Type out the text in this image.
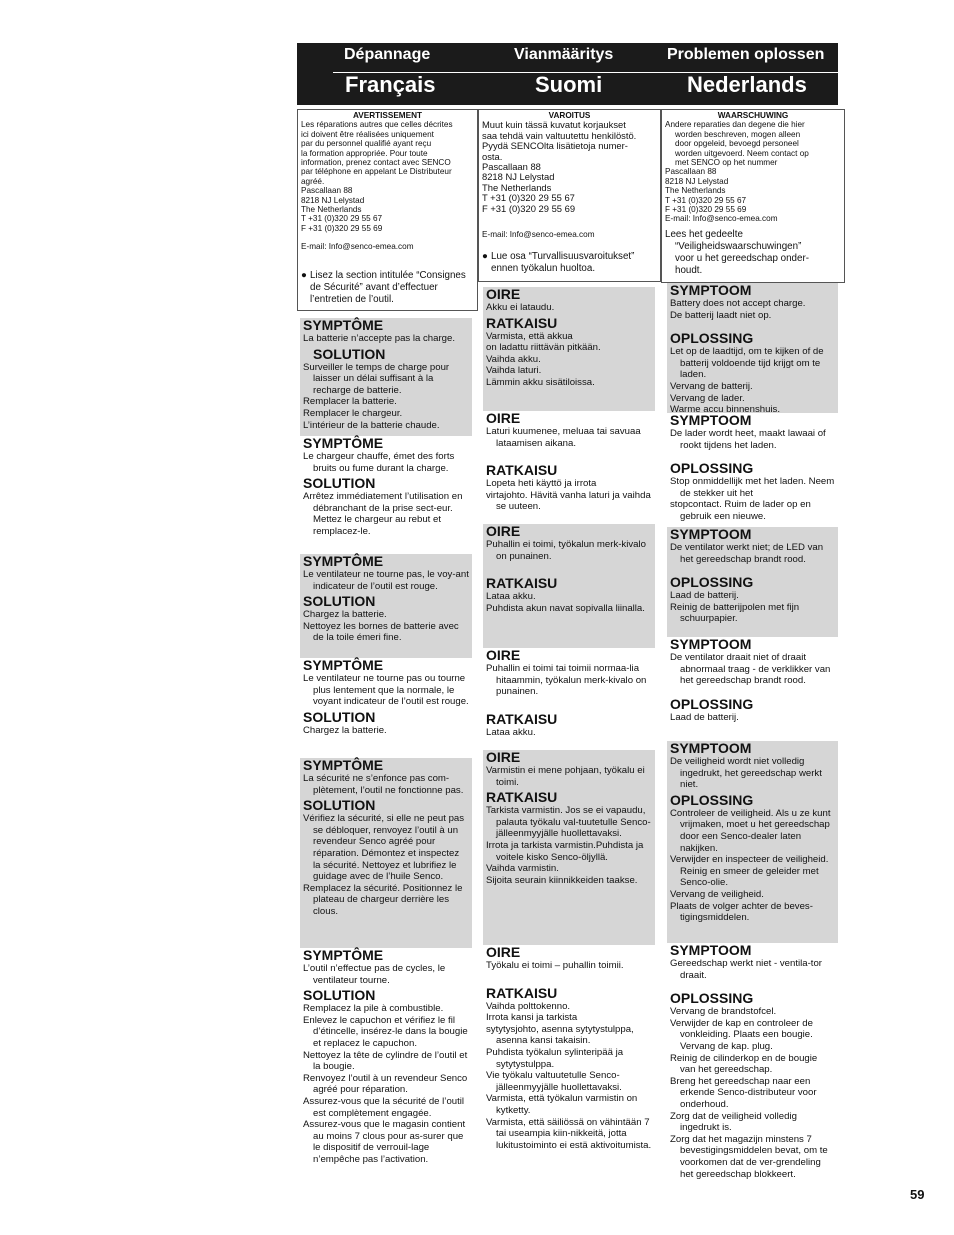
Dépannage	Vianmääritys	Problemen oplossen
Français	Suomi	Nederlands
AVERTISSEMENT
Les réparations autres que celles décrites
ici doivent être réalisées uniquement
par du personnel qualifié ayant reçu
la formation appropriée. Pour toute
information, prenez contact avec SENCO
par téléphone en appelant Le Distributeur
agréé.
Pascallaan 88
8218 NJ Lelystad
The Netherlands
T +31 (0)320 29 55 67
F +31 (0)320 29 55 69
E-mail: Info@senco-emea.com
● Lisez la section intitulée “Consignes de Sécurité” avant d’effectuer l’entretien de l’outil.
VAROITUS
Muut kuin tässä kuvatut korjaukset
saa tehdä vain valtuutettu henkilöstö.
Pyydä SENCOlta lisätietoja numer-
osta.
Pascallaan 88
8218 NJ Lelystad
The Netherlands
T +31 (0)320 29 55 67
F +31 (0)320 29 55 69
E-mail: Info@senco-emea.com
● Lue osa “Turvallisuusvaroitukset” ennen työkalun huoltoa.
WAARSCHUWING
Andere reparaties dan degene die hier
worden beschreven, mogen alleen
door opgeleid, bevoegd personeel
worden uitgevoerd. Neem contact op
met SENCO op het nummer
Pascallaan 88
8218 NJ Lelystad
The Netherlands
T +31 (0)320 29 55 67
F +31 (0)320 29 55 69
E-mail: Info@senco-emea.com
Lees het gedeelte
“Veiligheidswaarschuwingen”
voor u het gereedschap onder-
houdt.
SYMPTÔME
La batterie n’accepte pas la charge.
SOLUTION
Surveiller le temps de charge pour laisser un délai suffisant à la recharge de batterie.
Remplacer la batterie.
Remplacer le chargeur.
L’intérieur de la batterie chaude.
SYMPTÔME
Le chargeur chauffe, émet des forts bruits ou fume durant la charge.
SOLUTION
Arrêtez immédiatement l’utilisation en débranchant de la prise sect-eur. Mettez le chargeur au rebut et remplacez-le.
SYMPTÔME
Le ventilateur ne tourne pas, le voy-ant indicateur de l’outil est rouge.
SOLUTION
Chargez la batterie.
Nettoyez les bornes de batterie avec de la toile émeri fine.
SYMPTÔME
Le ventilateur ne tourne pas ou tourne plus lentement que la normale, le voyant indicateur de l’outil est rouge.
SOLUTION
Chargez la batterie.
SYMPTÔME
La sécurité ne s’enfonce pas com-plètement, l’outil ne fonctionne pas.
SOLUTION
Vérifiez la sécurité, si elle ne peut pas se débloquer, renvoyez l’outil à un revendeur Senco agréé pour réparation. Démontez et inspectez la sécurité. Nettoyez et lubrifiez le guidage avec de l’huile Senco.
Remplacez la sécurité. Positionnez le plateau de chargeur derrière les clous.
SYMPTÔME
L’outil n’effectue pas de cycles, le ventilateur tourne.
SOLUTION
Remplacez la pile à combustible.
Enlevez le capuchon et vérifiez le fil d’étincelle, insérez-le dans la bougie et replacez le capuchon.
Nettoyez la tête de cylindre de l’outil et la bougie.
Renvoyez l’outil à un revendeur Senco agréé pour réparation.
Assurez-vous que la sécurité de l’outil est complètement engagée.
Assurez-vous que le magasin contient au moins 7 clous pour as-surer que le dispositif de verrouil-lage n’empêche pas l’activation.
OIRE
Akku ei lataudu.
RATKAISU
Varmista, että akkua
on ladattu riittävän pitkään.
Vaihda akku.
Vaihda laturi.
Lämmin akku sisätiloissa.
OIRE
Laturi kuumenee, meluaa tai savuaa lataamisen aikana.
RATKAISU
Lopeta heti käyttö ja irrota
virtajohto. Hävitä vanha laturi ja vaihda se uuteen.
OIRE
Puhallin ei toimi, työkalun merk-kivalo on punainen.
RATKAISU
Lataa akku.
Puhdista akun navat sopivalla liinalla.
OIRE
Puhallin ei toimi tai toimii normaa-lia hitaammin, työkalun merk-kivalo on punainen.
RATKAISU
Lataa akku.
OIRE
Varmistin ei mene pohjaan, työkalu ei toimi.
RATKAISU
Tarkista varmistin. Jos se ei vapaudu, palauta työkalu val-tuutetulle Senco-jälleenmyyjälle huollettavaksi.
Irrota ja tarkista varmistin.Puhdista ja voitele kisko Senco-öljyllä.
Vaihda varmistin.
Sijoita seurain kiinnikkeiden taakse.
OIRE
Työkalu ei toimi – puhallin toimii.
RATKAISU
Vaihda polttokenno.
Irrota kansi ja tarkista
sytytysjohto, asenna sytytystulppa, asenna kansi takaisin.
Puhdista työkalun sylinteripää ja sytytystulppa.
Vie työkalu valtuutetulle Senco-jälleenmyyjälle huollettavaksi.
Varmista, että työkalun varmistin on kytketty.
Varmista, että säiliössä on vähintään 7 tai useampia kiin-nikkeitä, jotta lukitustoiminto ei estä aktivoitumista.
SYMPTOOM
Battery does not accept charge.
De batterij laadt niet op.
OPLOSSING
Let op de laadtijd, om te kijken of de batterij voldoende tijd krijgt om te laden.
Vervang de batterij.
Vervang de lader.
Warme accu binnenshuis.
SYMPTOOM
De lader wordt heet, maakt lawaai of rookt tijdens het laden.
OPLOSSING
Stop onmiddellijk met het laden. Neem de stekker uit het
stopcontact. Ruim de lader op en gebruik een nieuwe.
SYMPTOOM
De ventilator werkt niet; de LED van het gereedschap brandt rood.
OPLOSSING
Laad de batterij.
Reinig de batterijpolen met fijn schuurpapier.
SYMPTOOM
De ventilator draait niet of draait abnormaal traag - de verklikker van het gereedschap brandt rood.
OPLOSSING
Laad de batterij.
SYMPTOOM
De veiligheid wordt niet volledig ingedrukt, het gereedschap werkt niet.
OPLOSSING
Controleer de veiligheid. Als u ze kunt vrijmaken, moet u het gereedschap door een Senco-dealer laten nakijken.
Verwijder en inspecteer de veiligheid. Reinig en smeer de geleider met Senco-olie.
Vervang de veiligheid.
Plaats de volger achter de beves-tigingsmiddelen.
SYMPTOOM
Gereedschap werkt niet - ventila-tor draait.
OPLOSSING
Vervang de brandstofcel.
Verwijder de kap en controleer de vonkleiding. Plaats een bougie. Vervang de kap. plug.
Reinig de cilinderkop en de bougie van het gereedschap.
Breng het gereedschap naar een erkende Senco-distributeur voor onderhoud.
Zorg dat de veiligheid volledig ingedrukt is.
Zorg dat het magazijn minstens 7 bevestigingsmiddelen bevat, om te voorkomen dat de ver-grendeling het gereedschap blokkeert.
59
